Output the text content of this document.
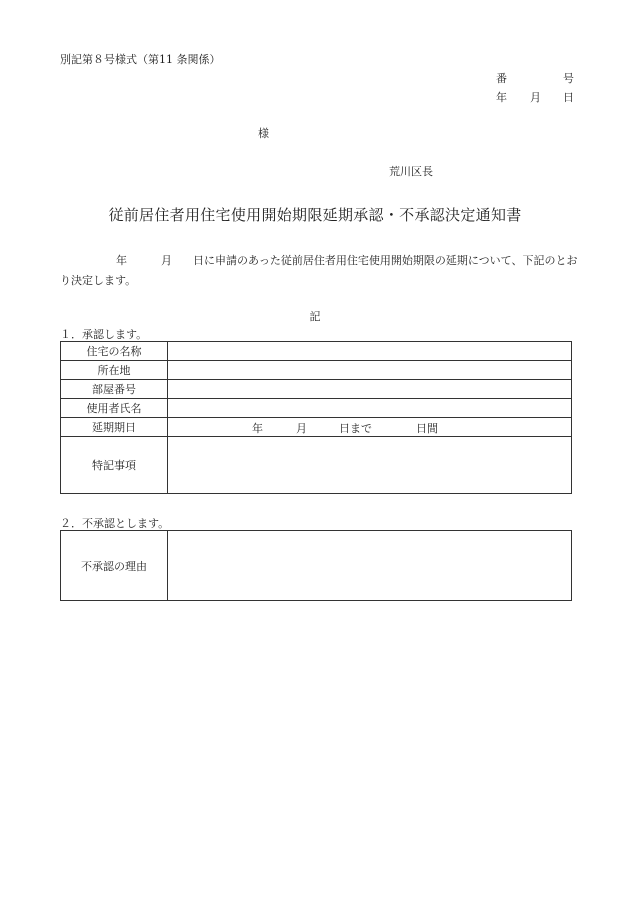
別記第８号様式（第11 条関係）
番	号
年 月 日
様
荒川区長
従前居住者用住宅使用開始期限延期承認・不承認決定通知書
年	月 日に申請のあった従前居住者用住宅使用開始期限の延期について、下記のとお
り決定します。
記
１．承認します。
住宅の名称	
所在地	
部屋番号	
使用者氏名	
延期期日	年 月 日まで 日間

特記事項	
２．不承認とします。
不承認の理由	
